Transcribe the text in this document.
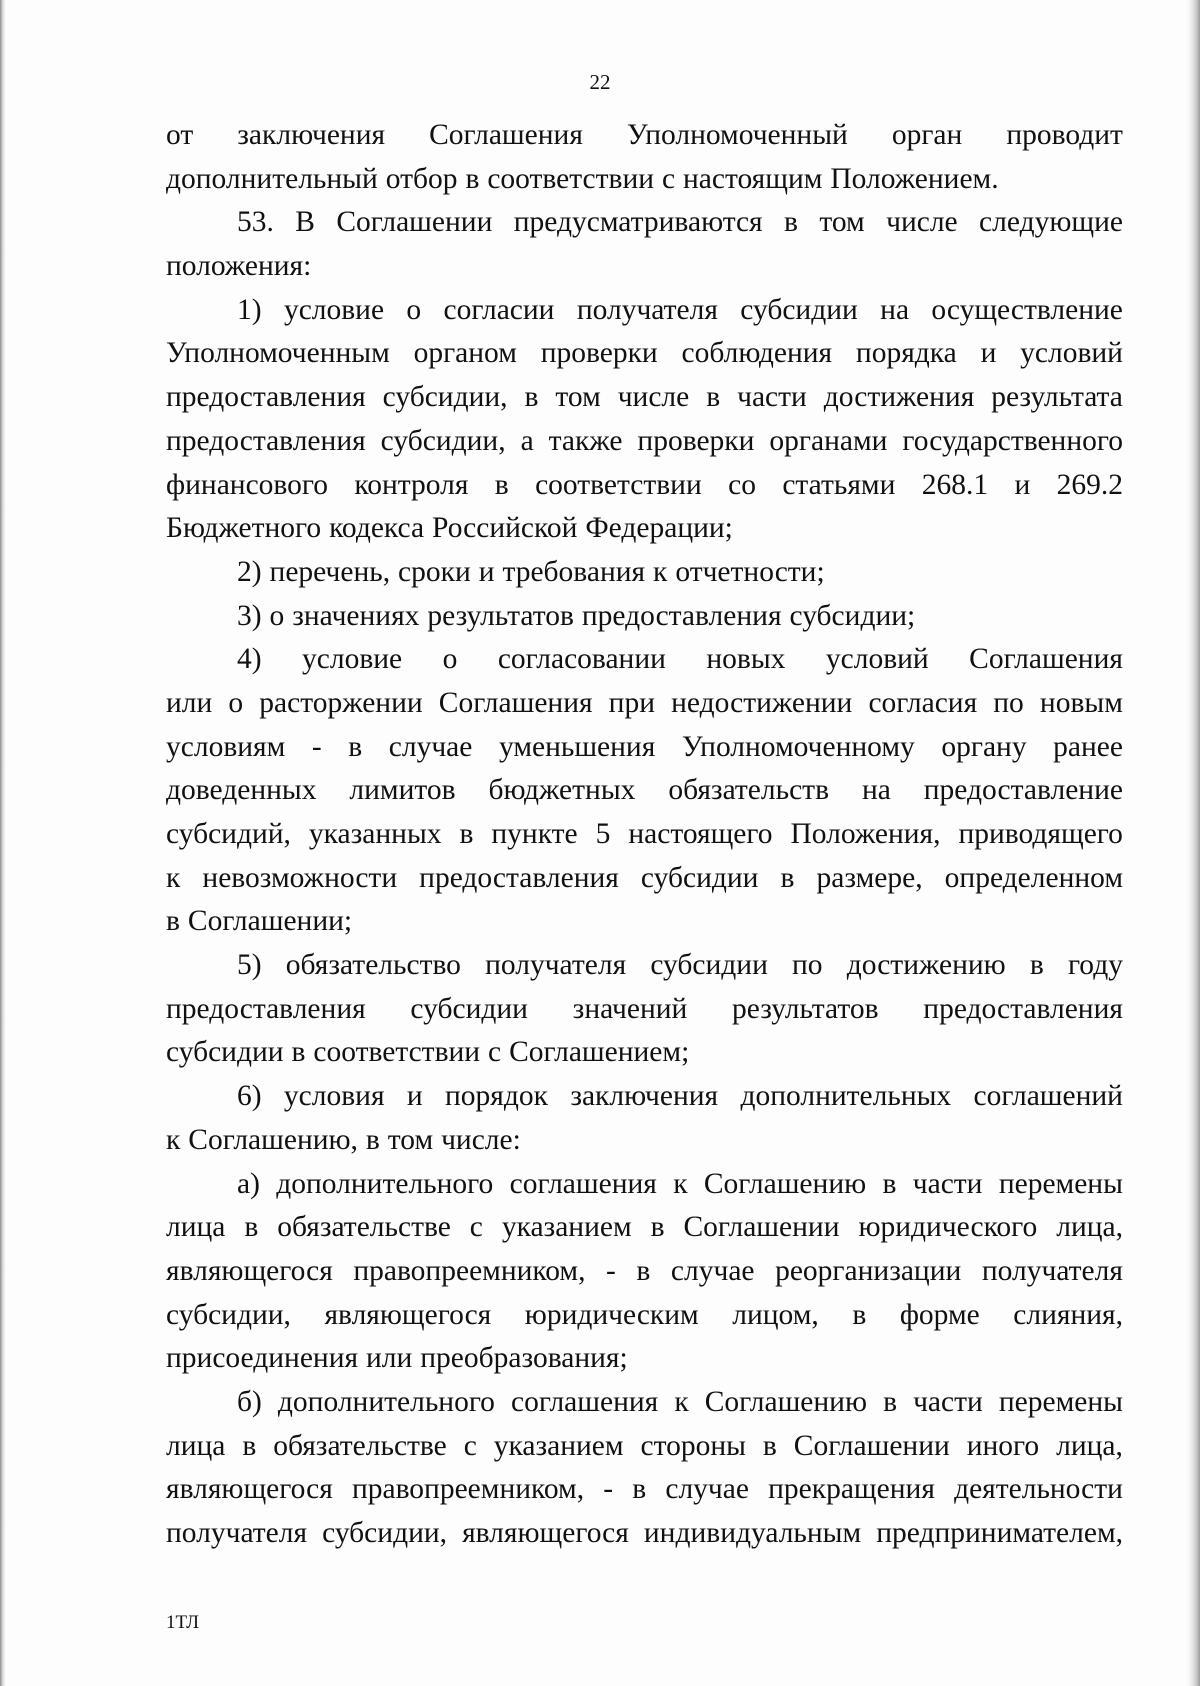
22
от заключения Соглашения Уполномоченный орган проводит
дополнительный отбор в соответствии с настоящим Положением.
53. В Соглашении предусматриваются в том числе следующие
положения:
1) условие о согласии получателя субсидии на осуществление
Уполномоченным органом проверки соблюдения порядка и условий
предоставления субсидии, в том числе в части достижения результата
предоставления субсидии, а также проверки органами государственного
финансового контроля в соответствии со статьями 268.1 и 269.2
Бюджетного кодекса Российской Федерации;
2) перечень, сроки и требования к отчетности;
3) о значениях результатов предоставления субсидии;
4) условие о согласовании новых условий Соглашения
или о расторжении Соглашения при недостижении согласия по новым
условиям - в случае уменьшения Уполномоченному органу ранее
доведенных лимитов бюджетных обязательств на предоставление
субсидий, указанных в пункте 5 настоящего Положения, приводящего
к невозможности предоставления субсидии в размере, определенном
в Соглашении;
5) обязательство получателя субсидии по достижению в году
предоставления субсидии значений результатов предоставления
субсидии в соответствии с Соглашением;
6) условия и порядок заключения дополнительных соглашений
к Соглашению, в том числе:
а) дополнительного соглашения к Соглашению в части перемены
лица в обязательстве с указанием в Соглашении юридического лица,
являющегося правопреемником, - в случае реорганизации получателя
субсидии, являющегося юридическим лицом, в форме слияния,
присоединения или преобразования;
б) дополнительного соглашения к Соглашению в части перемены
лица в обязательстве с указанием стороны в Соглашении иного лица,
являющегося правопреемником, - в случае прекращения деятельности
получателя субсидии, являющегося индивидуальным предпринимателем,
1ТЛ
